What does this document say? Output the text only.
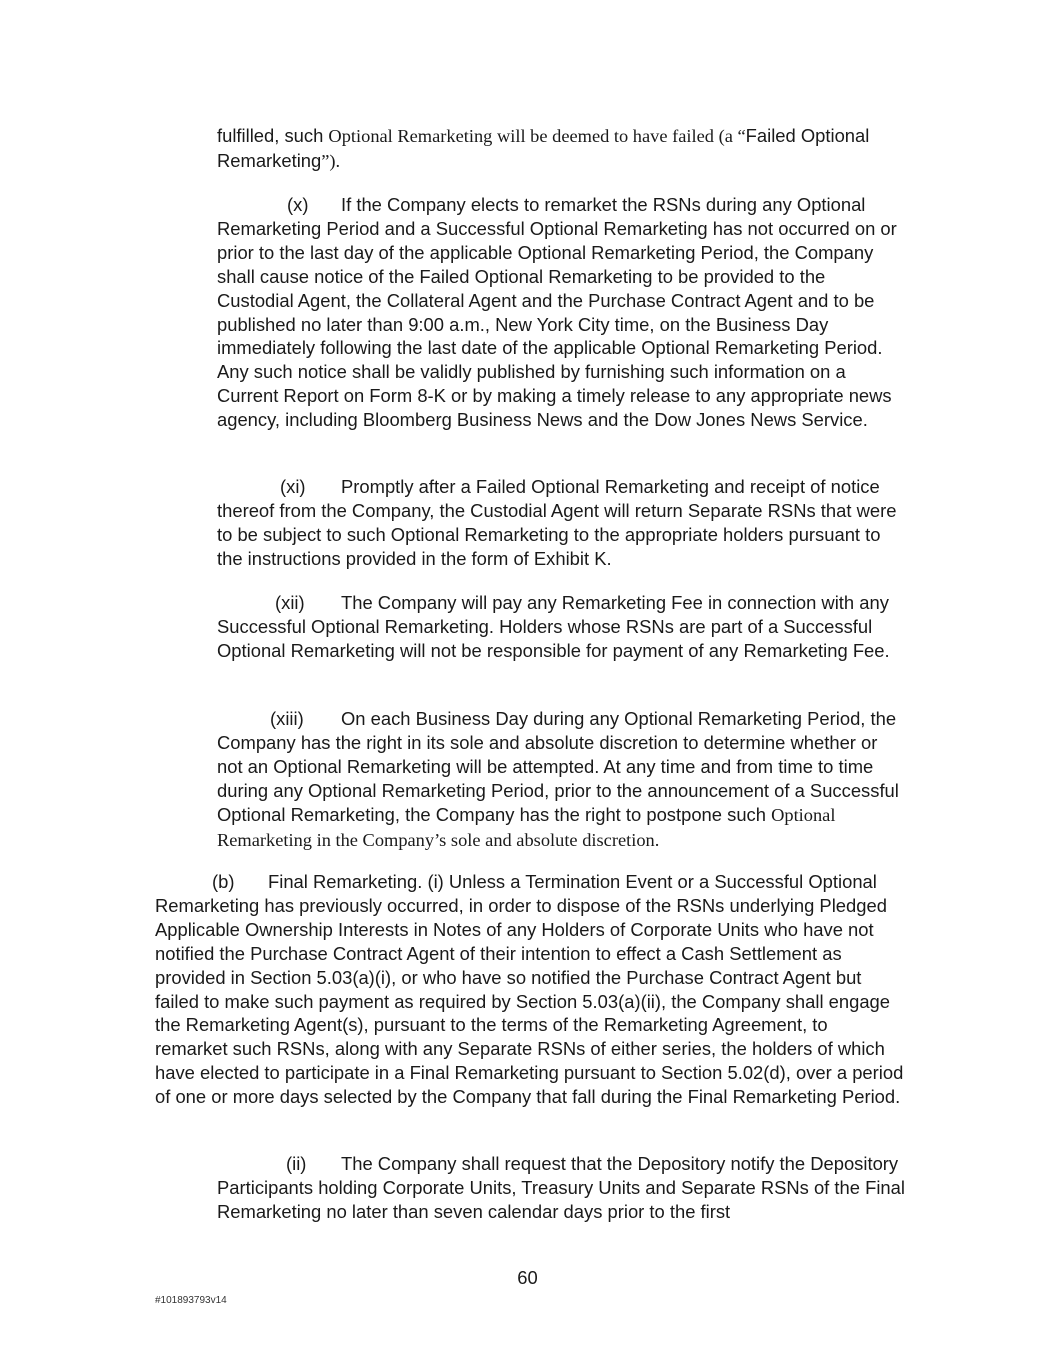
fulfilled, such Optional Remarketing will be deemed to have failed (a “Failed Optional Remarketing”).

(x) If the Company elects to remarket the RSNs during any Optional Remarketing Period and a Successful Optional Remarketing has not occurred on or prior to the last day of the applicable Optional Remarketing Period, the Company shall cause notice of the Failed Optional Remarketing to be provided to the Custodial Agent, the Collateral Agent and the Purchase Contract Agent and to be published no later than 9:00 a.m., New York City time, on the Business Day immediately following the last date of the applicable Optional Remarketing Period. Any such notice shall be validly published by furnishing such information on a Current Report on Form 8-K or by making a timely release to any appropriate news agency, including Bloomberg Business News and the Dow Jones News Service.

(xi) Promptly after a Failed Optional Remarketing and receipt of notice thereof from the Company, the Custodial Agent will return Separate RSNs that were to be subject to such Optional Remarketing to the appropriate holders pursuant to the instructions provided in the form of Exhibit K.

(xii) The Company will pay any Remarketing Fee in connection with any Successful Optional Remarketing. Holders whose RSNs are part of a Successful Optional Remarketing will not be responsible for payment of any Remarketing Fee.

(xiii) On each Business Day during any Optional Remarketing Period, the Company has the right in its sole and absolute discretion to determine whether or not an Optional Remarketing will be attempted. At any time and from time to time during any Optional Remarketing Period, prior to the announcement of a Successful Optional Remarketing, the Company has the right to postpone such Optional Remarketing in the Company’s sole and absolute discretion.

(b) Final Remarketing. (i) Unless a Termination Event or a Successful Optional Remarketing has previously occurred, in order to dispose of the RSNs underlying Pledged Applicable Ownership Interests in Notes of any Holders of Corporate Units who have not notified the Purchase Contract Agent of their intention to effect a Cash Settlement as provided in Section 5.03(a)(i), or who have so notified the Purchase Contract Agent but failed to make such payment as required by Section 5.03(a)(ii), the Company shall engage the Remarketing Agent(s), pursuant to the terms of the Remarketing Agreement, to remarket such RSNs, along with any Separate RSNs of either series, the holders of which have elected to participate in a Final Remarketing pursuant to Section 5.02(d), over a period of one or more days selected by the Company that fall during the Final Remarketing Period.

(ii) The Company shall request that the Depository notify the Depository Participants holding Corporate Units, Treasury Units and Separate RSNs of the Final Remarketing no later than seven calendar days prior to the first

60
#101893793v14
